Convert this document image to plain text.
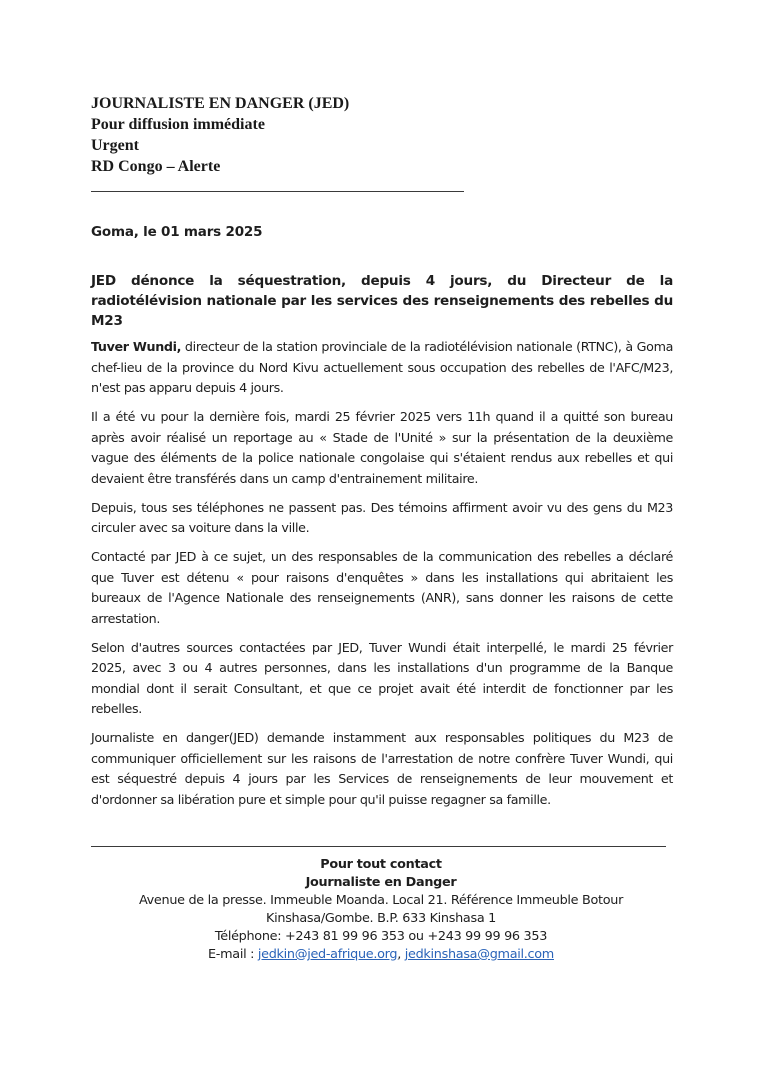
JOURNALISTE EN DANGER (JED)
Pour diffusion immédiate
Urgent
RD Congo – Alerte
Goma, le 01 mars 2025
JED dénonce la séquestration, depuis 4 jours, du Directeur de la radiotélévision nationale par les services des renseignements des rebelles du M23

Tuver Wundi, directeur de la station provinciale de la radiotélévision nationale (RTNC), à Goma chef-lieu de la province du Nord Kivu actuellement sous occupation des rebelles de l'AFC/M23, n'est pas apparu depuis 4 jours.

Il a été vu pour la dernière fois, mardi 25 février 2025 vers 11h quand il a quitté son bureau après avoir réalisé un reportage au « Stade de l'Unité » sur la présentation de la deuxième vague des éléments de la police nationale congolaise qui s'étaient rendus aux rebelles et qui devaient être transférés dans un camp d'entrainement militaire.

Depuis, tous ses téléphones ne passent pas. Des témoins affirment avoir vu des gens du M23 circuler avec sa voiture dans la ville.

Contacté par JED à ce sujet, un des responsables de la communication des rebelles a déclaré que Tuver est détenu « pour raisons d'enquêtes » dans les installations qui abritaient les bureaux de l'Agence Nationale des renseignements (ANR), sans donner les raisons de cette arrestation.

Selon d'autres sources contactées par JED, Tuver Wundi était interpellé, le mardi 25 février 2025, avec 3 ou 4 autres personnes, dans les installations d'un programme de la Banque mondial dont il serait Consultant, et que ce projet avait été interdit de fonctionner par les rebelles.

Journaliste en danger(JED) demande instamment aux responsables politiques du M23 de communiquer officiellement sur les raisons de l'arrestation de notre confrère Tuver Wundi, qui est séquestré depuis 4 jours par les Services de renseignements de leur mouvement et d'ordonner sa libération pure et simple pour qu'il puisse regagner sa famille.

Pour tout contact
Journaliste en Danger
Avenue de la presse. Immeuble Moanda. Local 21. Référence Immeuble Botour
Kinshasa/Gombe. B.P. 633 Kinshasa 1
Téléphone: +243 81 99 96 353 ou +243 99 99 96 353
E-mail : jedkin@jed-afrique.org, jedkinshasa@gmail.com
